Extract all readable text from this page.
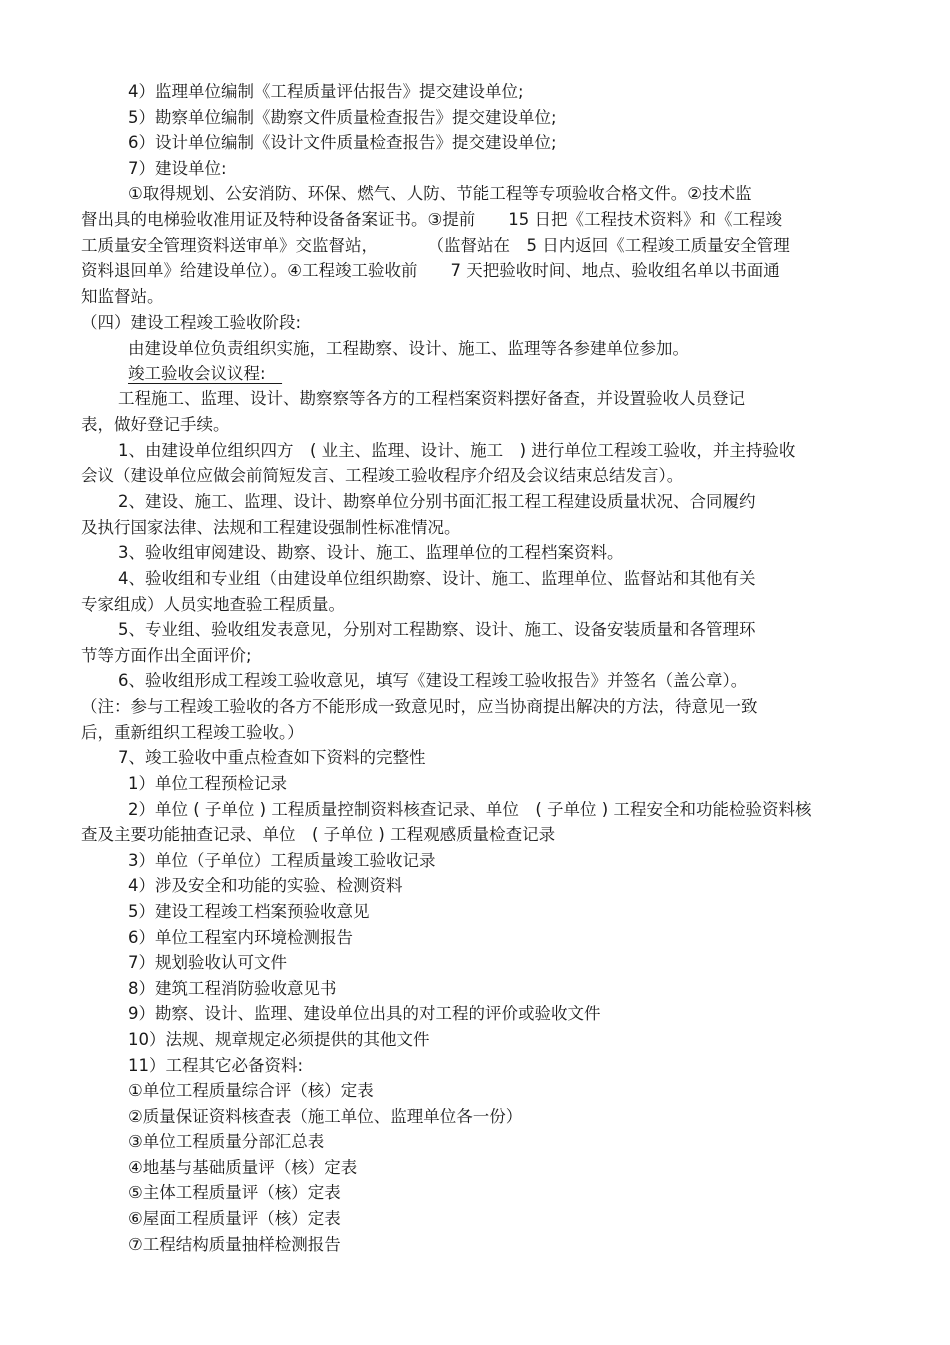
4）监理单位编制《工程质量评估报告》提交建设单位;
5）勘察单位编制《勘察文件质量检查报告》提交建设单位;
6）设计单位编制《设计文件质量检查报告》提交建设单位;
7）建设单位:
①取得规划、公安消防、环保、燃气、人防、节能工程等专项验收合格文件。②技术监
督出具的电梯验收准用证及特种设备备案证书。③提前　　15 日把《工程技术资料》和《工程竣
工质量安全管理资料送审单》交监督站，　　　　（监督站在　5 日内返回《工程竣工质量安全管理
资料退回单》给建设单位）。④工程竣工验收前　　7 天把验收时间、地点、验收组名单以书面通
知监督站。
（四）建设工程竣工验收阶段:
由建设单位负责组织实施，工程勘察、设计、施工、监理等各参建单位参加。
竣工验收会议议程:　
工程施工、监理、设计、勘察察等各方的工程档案资料摆好备查，并设置验收人员登记
表，做好登记手续。
1、由建设单位组织四方　( 业主、监理、设计、施工　) 进行单位工程竣工验收，并主持验收
会议（建设单位应做会前简短发言、工程竣工验收程序介绍及会议结束总结发言）。
2、建设、施工、监理、设计、勘察单位分别书面汇报工程工程建设质量状况、合同履约
及执行国家法律、法规和工程建设强制性标准情况。
3、验收组审阅建设、勘察、设计、施工、监理单位的工程档案资料。
4、验收组和专业组（由建设单位组织勘察、设计、施工、监理单位、监督站和其他有关
专家组成）人员实地查验工程质量。
5、专业组、验收组发表意见，分别对工程勘察、设计、施工、设备安装质量和各管理环
节等方面作出全面评价;
6、验收组形成工程竣工验收意见，填写《建设工程竣工验收报告》并签名（盖公章）。
（注：参与工程竣工验收的各方不能形成一致意见时，应当协商提出解决的方法，待意见一致
后，重新组织工程竣工验收。）
7、竣工验收中重点检查如下资料的完整性
1）单位工程预检记录
2）单位 ( 子单位 ) 工程质量控制资料核查记录、单位　( 子单位 ) 工程安全和功能检验资料核
查及主要功能抽查记录、单位　( 子单位 ) 工程观感质量检查记录
3）单位（子单位）工程质量竣工验收记录
4）涉及安全和功能的实验、检测资料
5）建设工程竣工档案预验收意见
6）单位工程室内环境检测报告
7）规划验收认可文件
8）建筑工程消防验收意见书
9）勘察、设计、监理、建设单位出具的对工程的评价或验收文件
10）法规、规章规定必须提供的其他文件
11）工程其它必备资料:
①单位工程质量综合评（核）定表
②质量保证资料核查表（施工单位、监理单位各一份）
③单位工程质量分部汇总表
④地基与基础质量评（核）定表
⑤主体工程质量评（核）定表
⑥屋面工程质量评（核）定表
⑦工程结构质量抽样检测报告
